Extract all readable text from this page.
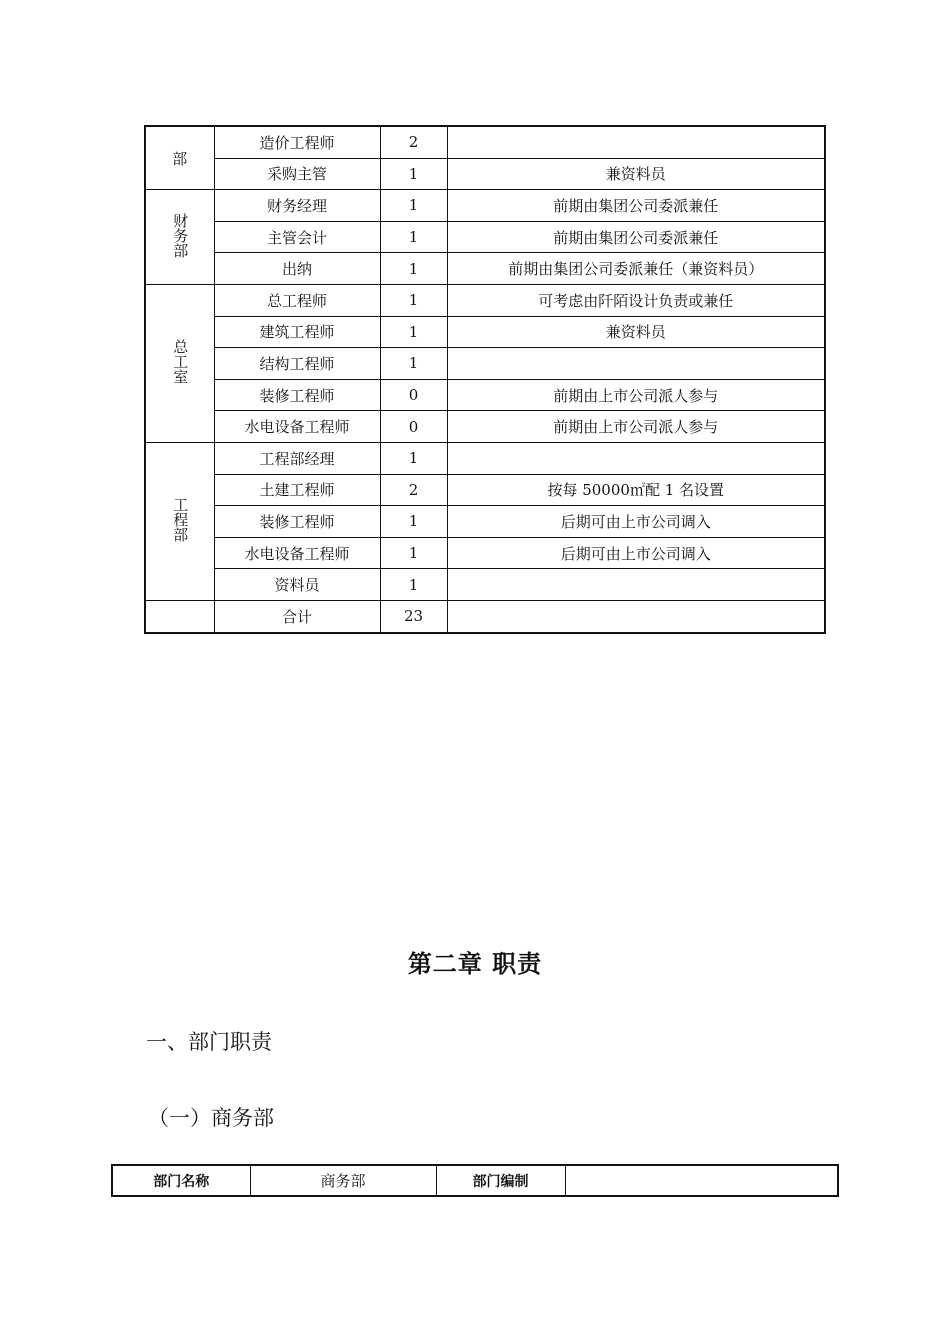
部	造价工程师	2	
	采购主管	1	兼资料员
财务部	财务经理	1	前期由集团公司委派兼任
	主管会计	1	前期由集团公司委派兼任
	出纳	1	前期由集团公司委派兼任（兼资料员）
总工室	总工程师	1	可考虑由阡陌设计负责或兼任
	建筑工程师	1	兼资料员
	结构工程师	1	
	装修工程师	0	前期由上市公司派人参与
	水电设备工程师	0	前期由上市公司派人参与
工程部	工程部经理	1	
	土建工程师	2	按每 50000㎡配 1 名设置
	装修工程师	1	后期可由上市公司调入
	水电设备工程师	1	后期可由上市公司调入
	资料员	1	
	合计	23	
第二章 职责
一、部门职责
（一）商务部
部门名称	商务部	部门编制	
